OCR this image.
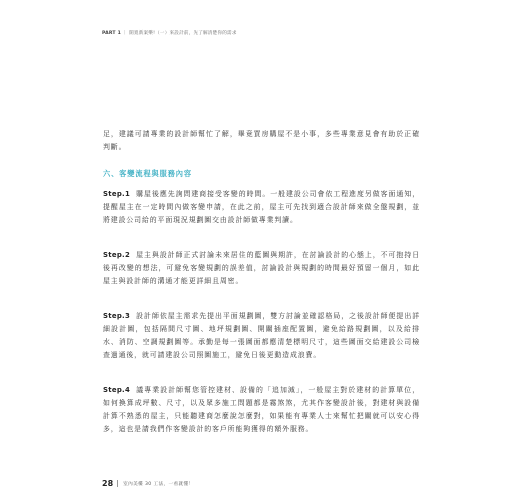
PART 1 ｜ 開寬新案樂!（一）來設計前，先了解清楚你的需求

足，建議可請專業的設計師幫忙了解，畢竟買房購屋不是小事，多些專業意見會有助於正確判斷。

六、客變流程與服務內容

Step.1 購屋後應先詢問建商接受客變的時間。一般建設公司會依工程進度另做客面通知，提醒屋主在一定時間內做客變申請，在此之前，屋主可先找到適合設計師來做全盤規劃，並將建設公司給的平面現況規劃圖交由設計師做專業判讀。

Step.2 屋主與設計師正式討論未來居住的藍圖與期許，在討論設計的心態上，不可抱持日後再改變的想法，可避免客變規劃的誤差值，討論設計與規劃的時間最好預留一個月，如此屋主與設計師的溝通才能更詳細且周密。

Step.3 設計師依屋主需求先提出平面規劃圖，雙方討論並確認格局，之後設計師便提出詳細設計圖，包括隔間尺寸圖、地坪規劃圖、開關插座配置圖，避免給路規劃圖，以及給排水、消防、空調規劃圖等。承勤是每一張圖面都應清楚標明尺寸，這些圖面交給建設公司檢查過通後，就可請建設公司照圖施工，避免日後更動造成浪費。

Step.4 議專業設計師幫您管控建材、設備的「追加減」，一般屋主對於建材的計算單位，如何換算成坪數、尺寸，以及眾多施工問題都是霧煞煞，尤其作客變設計後，對建材與設備計算不熟悉的屋主，只能聽建商怎麼說怎麼對，如果能有專業人士來幫忙把關就可以安心得多，這也是請我們作客變設計的客戶所能夠獲得的額外服務。

28 室內美樓 30 工法，一看就懂！
